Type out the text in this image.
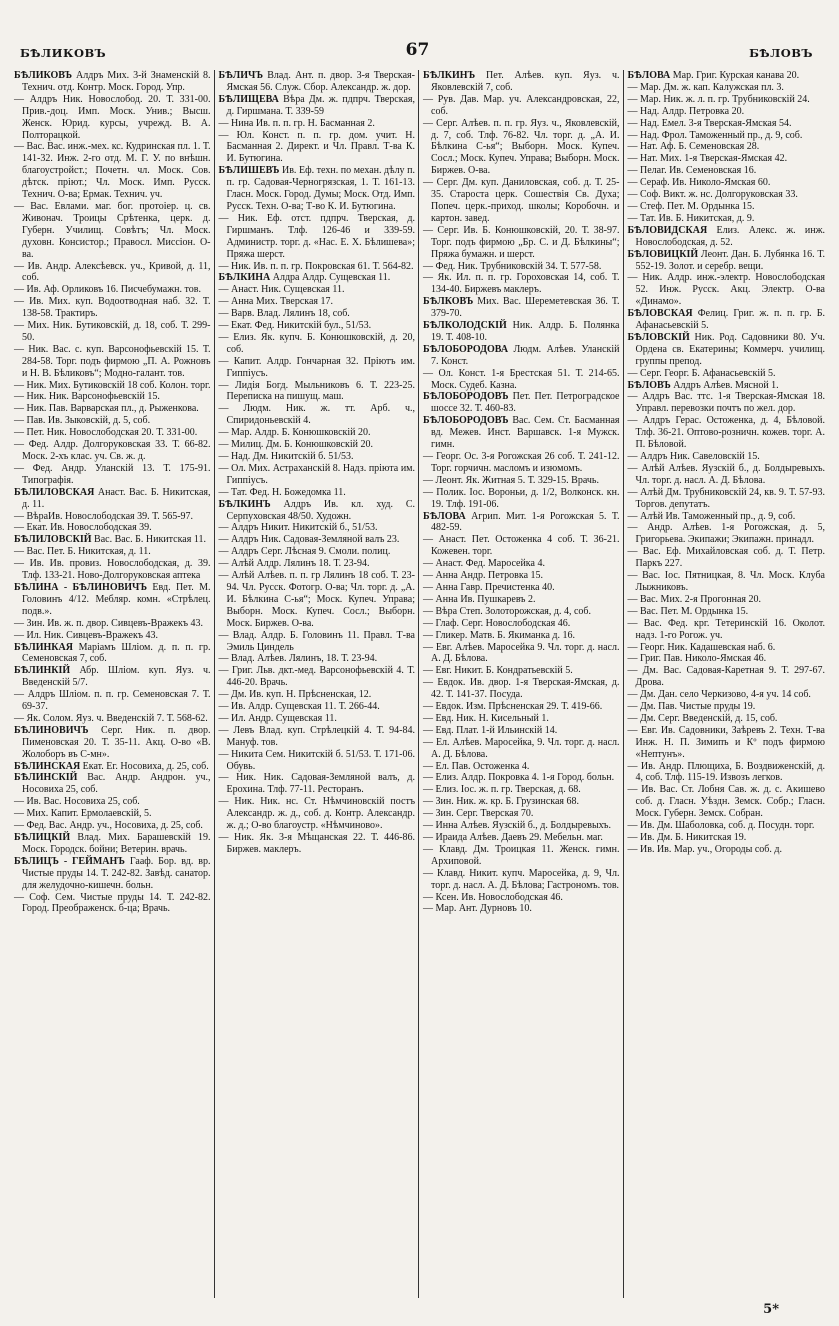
БѢЛИКОВЪ	67	БѢЛОВЪ

БѢЛИКОВЪ Алдръ Мих. 3-й Знаменскій 8. Технич. отд. Контр. Моск. Город. Упр.

— Алдръ Ник. Новослобод. 20. Т. 331-00. Прив.-доц. Имп. Моск. Унив.; Высш. Женск. Юрид. курсы, учрежд. В. А. Полторацкой.

— Вас. Вас. инж.-мех. кс. Кудринская пл. 1. Т. 141-32. Инж. 2-го отд. М. Г. У. по внѣшн. благоустройст.; Почетн. чл. Моск. Сов. дѣтск. пріют.; Чл. Моск. Имп. Русск. Технич. О-ва; Ермак. Технич. уч.

— Вас. Евлами. маг. бог. протоіер. ц. св. Живонач. Троицы Срѣтенка, церк. д. Губерн. Училищ. Совѣтъ; Чл. Моск. духовн. Консистор.; Правосл. Миссіон. О-ва.

— Ив. Андр. Алексѣевск. уч., Кривой, д. 11, соб.

— Ив. Аф. Орликовъ 16. Писчебумажн. тов.

— Ив. Мих. куп. Водоотводная наб. 32. Т. 138-58. Трактиръ.

— Мих. Ник. Бутиковскій, д. 18, соб. Т. 299-50.

— Ник. Вас. с. куп. Варсонофьевскій 15. Т. 284-58. Торг. подъ фирмою „П. А. Рожновъ и Н. В. Бѣликовъ“; Модно-галант. тов.

— Ник. Мих. Бутиковскій 18 соб. Колон. торг.

— Ник. Ник. Варсонофьевскій 15.

— Ник. Пав. Варварская пл., д. Рыженкова.

— Пав. Ив. Зыковскій, д. 5, соб.

— Пет. Ник. Новослободская 20. Т. 331-00.

— Фед. Алдр. Долгоруковская 33. Т. 66-82. Моск. 2-хъ клас. уч. Св. ж. д.

— Фед. Андр. Уланскій 13. Т. 175-91. Типографія.

БѢЛИЛОВСКАЯ Анаст. Вас. Б. Никитская, д. 11.

— ВѣраИв. Новослободская 39. Т. 565-97.

— Екат. Ив. Новослободская 39.

БѢЛИЛОВСКІЙ Вас. Вас. Б. Никитская 11.

— Вас. Пет. Б. Никитская, д. 11.

— Ив. Ив. провиз. Новослободская, д. 39. Тлф. 133-21. Ново-Долгоруковская аптека

БѢЛИНА - БѢЛИНОВИЧЪ Евд. Пет. М. Головинъ 4/12. Мебляр. комн. «Стрѣлец. подв.».

— Зин. Ив. ж. п. двор. Сивцевъ-Вражекъ 43.

— Ил. Ник. Сивцевъ-Вражекъ 43.

БѢЛИНКАЯ Маріамъ Шліом. д. п. п. гр. Семеновская 7, соб.

БѢЛИНКІЙ Абр. Шліом. куп. Яуз. ч. Введенскій 5/7.

— Алдръ Шліом. п. п. гр. Семеновская 7. Т. 69-37.

— Як. Солом. Яуз. ч. Введенскій 7. Т. 568-62.

БѢЛИНОВИЧЪ Серг. Ник. п. двор. Пименовская 20. Т. 35-11. Акц. О-во «В. Жолоборъ въ С-мн».

БѢЛИНСКАЯ Екат. Ег. Носовиха, д. 25, соб.

БѢЛИНСКІЙ Вас. Андр. Андрон. уч., Носовиха 25, соб.

— Ив. Вас. Носовиха 25, соб.

— Мих. Капит. Ермолаевскій, 5.

— Фед. Вас. Андр. уч., Носовиха, д. 25, соб.

БѢЛИЦКІЙ Влад. Мих. Барашевскій 19. Моск. Городск. бойни; Ветерин. врачь.

БѢЛИЦЪ - ГЕЙМАНЪ Гааф. Бор. вд. вр. Чистые пруды 14. Т. 242-82. Завѣд. санатор. для желудочно-кишечн. больн.

— Соф. Сем. Чистые пруды 14. Т. 242-82. Город. Преображенск. б-ца; Врачь.

БѢЛИЧЪ Влад. Ант. п. двор. 3-я Тверская-Ямская 56. Служ. Сбор. Александр. ж. дор.

БѢЛИЩЕВА Вѣра Дм. ж. пдпрч. Тверская, д. Гиршмана. Т. 339-59

— Нина Ив. п. п. гр. Н. Басманная 2.

— Юл. Конст. п. п. гр. дом. учит. Н. Басманная 2. Директ. и Чл. Правл. Т-ва К. И. Бутюгина.

БѢЛИШЕВЪ Ив. Еф. техн. по механ. дѣлу п. п. гр. Садовая-Черногрязская, 1. Т. 161-13. Гласн. Моск. Город. Думы; Моск. Отд. Имп. Русск. Техн. О-ва; Т-во К. И. Бутюгина.

— Ник. Еф. отст. пдпрч. Тверская, д. Гиршманъ. Тлф. 126-46 и 339-59. Администр. торг. д. «Нас. Е. Х. Бѣлишева»; Пряжа шерст.

— Ник. Ив. п. п. гр. Покровская 61. Т. 564-82.

БѢЛКИНА Алдра Алдр. Сущевская 11.

— Анаст. Ник. Сущевская 11.

— Анна Мих. Тверская 17.

— Варв. Влад. Лялинъ 18, соб.

— Екат. Фед. Никитскій бул., 51/53.

— Елиз. Як. купч. Б. Конюшковскій, д. 20, соб.

— Капит. Алдр. Гончарная 32. Пріютъ им. Гиппіусъ.

— Лидія Богд. Мыльниковъ 6. Т. 223-25. Переписка на пишущ. маш.

— Людм. Ник. ж. тт. Арб. ч., Спиридоньевскій 4.

— Мар. Алдр. Б. Конюшковскій 20.

— Милиц. Дм. Б. Конюшковскій 20.

— Над. Дм. Никитскій б. 51/53.

— Ол. Мих. Астраханскій 8. Надз. пріюта им. Гиппіусъ.

— Тат. Фед. Н. Божедомка 11.

БѢЛКИНЪ Алдръ Ив. кл. худ. С. Серпуховская 48/50. Художн.

— Алдръ Никит. Никитскій б., 51/53.

— Алдръ Ник. Садовая-Земляной валъ 23.

— Алдръ Серг. Лѣсная 9. Смоли. полиц.

— Алѣй Алдр. Лялинъ 18. Т. 23-94.

— Алѣй Алѣев. п. п. гр Лялинъ 18 соб. Т. 23-94. Чл. Русск. Фотогр. О-ва; Чл. торг. д. „А. И. Бѣлкина С-ья“; Моск. Купеч. Управа; Выборн. Моск. Купеч. Сосл.; Выборн. Моск. Биржев. О-ва.

— Влад. Алдр. Б. Головинъ 11. Правл. Т-ва Эмиль Циндель

— Влад. Алѣев. Лялинъ, 18. Т. 23-94.

— Григ. Льв. дкт.-мед. Варсонофьевскій 4. Т. 446-20. Врачь.

— Дм. Ив. куп. Н. Прѣсненская, 12.

— Ив. Алдр. Сущевская 11. Т. 266-44.

— Ил. Андр. Сущевская 11.

— Левъ Влад. куп. Стрѣлецкій 4. Т. 94-84. Мануф. тов.

— Никита Сем. Никитскій б. 51/53. Т. 171-06. Обувь.

— Ник. Ник. Садовая-Земляной валъ, д. Ерохина. Тлф. 77-11. Ресторанъ.

— Ник. Ник. нс. Ст. Нѣмчиновскій постъ Александр. ж. д., соб. д. Контр. Александр. ж. д.; О-во благоустр. «Нѣмчиново».

— Ник. Як. 3-я Мѣщанская 22. Т. 446-86. Биржев. маклеръ.

БѢЛКИНЪ Пет. Алѣев. куп. Яуз. ч. Яковлевскій 7, соб.

— Рув. Дав. Мар. уч. Александровская, 22, соб.

— Серг. Алѣев. п. п. гр. Яуз. ч., Яковлевскій, д. 7, соб. Тлф. 76-82. Чл. торг. д. „А. И. Бѣлкина С-ья“; Выборн. Моск. Купеч. Сосл.; Моск. Купеч. Управа; Выборн. Моск. Биржев. О-ва.

— Серг. Дм. куп. Даниловская, соб. д. Т. 25-35. Староста церк. Сошествія Св. Духа; Попеч. церк.-приход. школы; Коробочн. и картон. завед.

— Серг. Ив. Б. Конюшковскій, 20. Т. 38-97. Торг. подъ фирмою „Бр. С. и Д. Бѣлкины“; Пряжа бумажн. и шерст.

— Фед. Ник. Трубниковскій 34. Т. 577-58.

— Як. Ил. п. п. гр. Гороховская 14, соб. Т. 134-40. Биржевъ маклеръ.

БѢЛКОВЪ Мих. Вас. Шереметевская 36. Т. 379-70.

БѢЛКОЛОДСКІЙ Ник. Алдр. Б. Полянка 19. Т. 408-10.

БѢЛОБОРОДОВА Людм. Алѣев. Уланскій 7. Конст.

— Ол. Конст. 1-я Брестская 51. Т. 214-65. Моск. Судеб. Казна.

БѢЛОБОРОДОВЪ Пет. Пет. Петроградское шоссе 32. Т. 460-83.

БѢЛОБОРОДОВЪ Вас. Сем. Ст. Басманная вд. Межев. Инст. Варшавск. 1-я Мужск. гимн.

— Георг. Ос. 3-я Рогожская 26 соб. Т. 241-12. Торг. горчичн. масломъ и изюмомъ.

— Леонт. Як. Житная 5. Т. 329-15. Врачь.

— Полик. Іос. Вороньи, д. 1/2, Волконск. кн. 19. Тлф. 191-06.

БѢЛОВА Агрип. Мит. 1-я Рогожская 5. Т. 482-59.

— Анаст. Пет. Остоженка 4 соб. Т. 36-21. Кожевен. торг.

— Анаст. Фед. Маросейка 4.

— Анна Андр. Петровка 15.

— Анна Гавр. Пречистенка 40.

— Анна Ив. Пушкаревъ 2.

— Вѣра Степ. Золоторожская, д. 4, соб.

— Глаф. Серг. Новослободская 46.

— Гликер. Матв. Б. Якиманка д. 16.

— Евг. Алѣев. Маросейка 9. Чл. торг. д. насл. А. Д. Бѣлова.

— Евг. Никит. Б. Кондратьевскій 5.

— Евдок. Ив. двор. 1-я Тверская-Ямская, д. 42. Т. 141-37. Посуда.

— Евдок. Изм. Прѣсненская 29. Т. 419-66.

— Евд. Ник. Н. Кисельный 1.

— Евд. Плат. 1-й Ильинскій 14.

— Ел. Алѣев. Маросейка, 9. Чл. торг. д. насл. А. Д. Бѣлова.

— Ел. Пав. Остоженка 4.

— Елиз. Алдр. Покровка 4. 1-я Город. больн.

— Елиз. Іос. ж. п. гр. Тверская, д. 68.

— Зин. Ник. ж. кр. Б. Грузинская 68.

— Зин. Серг. Тверская 70.

— Инна Алѣев. Яузскій б., д. Болдыревыхъ.

— Ираида Алѣев. Даевъ 29. Мебельн. маг.

— Клавд. Дм. Троицкая 11. Женск. гимн. Архиповой.

— Клавд. Никит. купч. Маросейка, д. 9, Чл. торг. д. насл. А. Д. Бѣлова; Гастрономъ. тов.

— Ксен. Ив. Новослободская 46.

— Мар. Ант. Дурновъ 10.

БѢЛОВА Мар. Григ. Курская канава 20.

— Мар. Дм. ж. кап. Калужская пл. 3.

— Мар. Ник. ж. л. п. гр. Трубниковскій 24.

— Над. Алдр. Петровка 20.

— Над. Емел. 3-я Тверская-Ямская 54.

— Над. Фрол. Таможенный пр., д. 9, соб.

— Нат. Аф. Б. Семеновская 28.

— Нат. Мих. 1-я Тверская-Ямская 42.

— Пелаг. Ив. Семеновская 16.

— Сераф. Ив. Николо-Ямская 60.

— Соф. Викт. ж. нс. Долгоруковская 33.

— Стеф. Пет. М. Ордынка 15.

— Тат. Ив. Б. Никитская, д. 9.

БѢЛОВИДСКАЯ Елиз. Алекс. ж. инж. Новослободская, д. 52.

БѢЛОВИЦКІЙ Леонт. Дан. Б. Лубянка 16. Т. 552-19. Золот. и серебр. вещи.

— Ник. Алдр. инж.-электр. Новослободская 52. Инж. Русск. Акц. Электр. О-ва «Динамо».

БѢЛОВСКАЯ Фелиц. Григ. ж. п. п. гр. Б. Афанасьевскій 5.

БѢЛОВСКІЙ Ник. Род. Садовники 80. Уч. Ордена св. Екатерины; Коммерч. училищ. группы препод.

— Серг. Георг. Б. Афанасьевскій 5.

БѢЛОВЪ Алдръ Алѣев. Мясной 1.

— Алдръ Вас. ттс. 1-я Тверская-Ямская 18. Управл. перевозки почтъ по жел. дор.

— Алдръ Герас. Остоженка, д. 4, Бѣловой. Тлф. 36-21. Оптово-розничн. кожев. торг. А. П. Бѣловой.

— Алдръ Ник. Савеловскій 15.

— Алѣй Алѣев. Яузскій б., д. Болдыревыхъ. Чл. торг. д. насл. А. Д. Бѣлова.

— Алѣй Дм. Трубниковскій 24, кв. 9. Т. 57-93. Торгов. депутатъ.

— Алѣй Ив. Таможенный пр., д. 9, соб.

— Андр. Алѣев. 1-я Рогожская, д. 5, Григорьева. Экипажи; Экипажн. принадл.

— Вас. Еф. Михайловская соб. д. Т. Петр. Паркъ 227.

— Вас. Іос. Пятницкая, 8. Чл. Моск. Клуба Лыжниковъ.

— Вас. Мих. 2-я Прогонная 20.

— Вас. Пет. М. Ордынка 15.

— Вас. Фед. крг. Тетеринскій 16. Околот. надз. 1-го Рогож. уч.

— Георг. Ник. Кадашевская наб. 6.

— Григ. Пав. Николо-Ямская 46.

— Дм. Вас. Садовая-Каретная 9. Т. 297-67. Дрова.

— Дм. Дан. село Черкизово, 4-я уч. 14 соб.

— Дм. Пав. Чистые пруды 19.

— Дм. Серг. Введенскій, д. 15, соб.

— Евг. Ив. Садовники, Заѣревъ 2. Техн. Т-ва Инж. Н. П. Зимипъ и Кº подъ фирмою «Нептунъ».

— Ив. Андр. Плющиха, Б. Воздвиженскій, д. 4, соб. Тлф. 115-19. Извозъ легков.

— Ив. Вас. Ст. Лобня Сав. ж. д. с. Акишево соб. д. Гласн. Уѣздн. Земск. Собр.; Гласн. Моск. Губерн. Земск. Собран.

— Ив. Дм. Шаболовка, соб. д. Посудн. торг.

— Ив. Дм. Б. Никитская 19.

— Ив. Ив. Мар. уч., Огороды соб. д.

5*
